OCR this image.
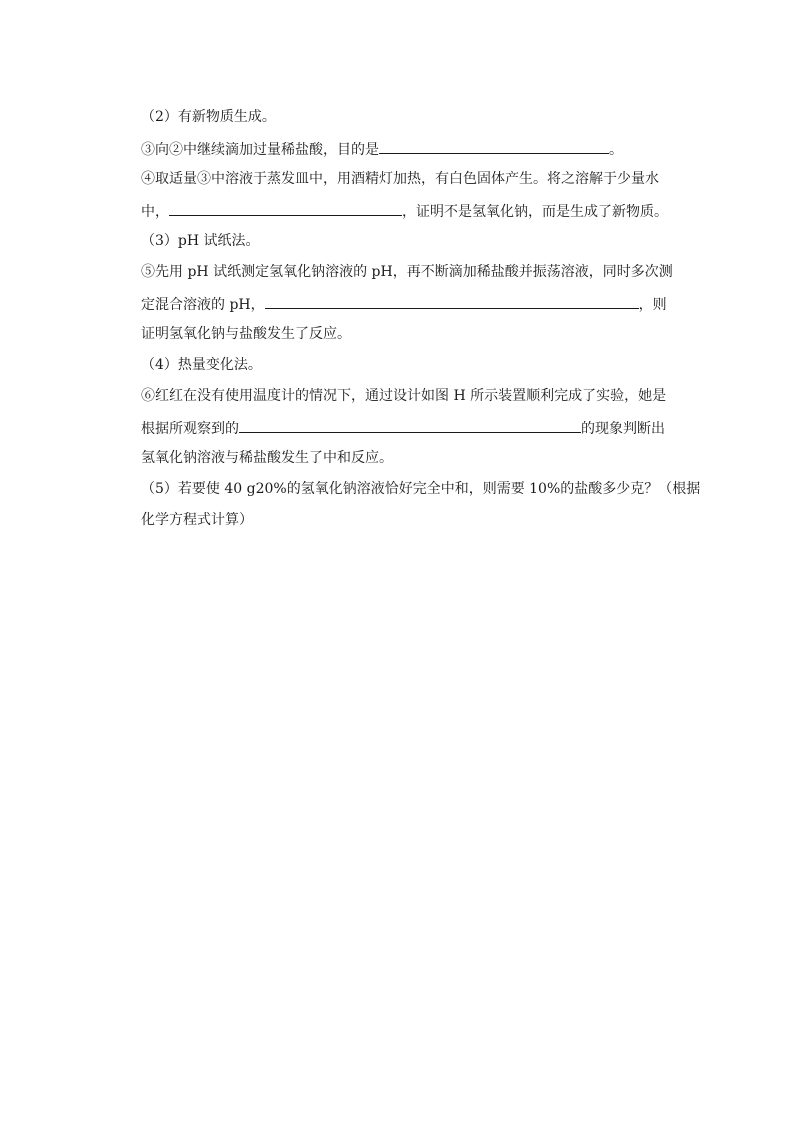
（2）有新物质生成。
③向②中继续滴加过量稀盐酸，目的是	。
④取适量③中溶液于蒸发皿中，用酒精灯加热，有白色固体产生。将之溶解于少量水
中，	，证明不是氢氧化钠，而是生成了新物质。
（3）pH 试纸法。
⑤先用 pH 试纸测定氢氧化钠溶液的 pH，再不断滴加稀盐酸并振荡溶液，同时多次测
定混合溶液的 pH，	，则
证明氢氧化钠与盐酸发生了反应。
（4）热量变化法。
⑥红红在没有使用温度计的情况下，通过设计如图 H 所示装置顺利完成了实验，她是
根据所观察到的	的现象判断出
氢氧化钠溶液与稀盐酸发生了中和反应。
（5）若要使 40 g20%的氢氧化钠溶液恰好完全中和，则需要 10%的盐酸多少克？（根据
化学方程式计算）
